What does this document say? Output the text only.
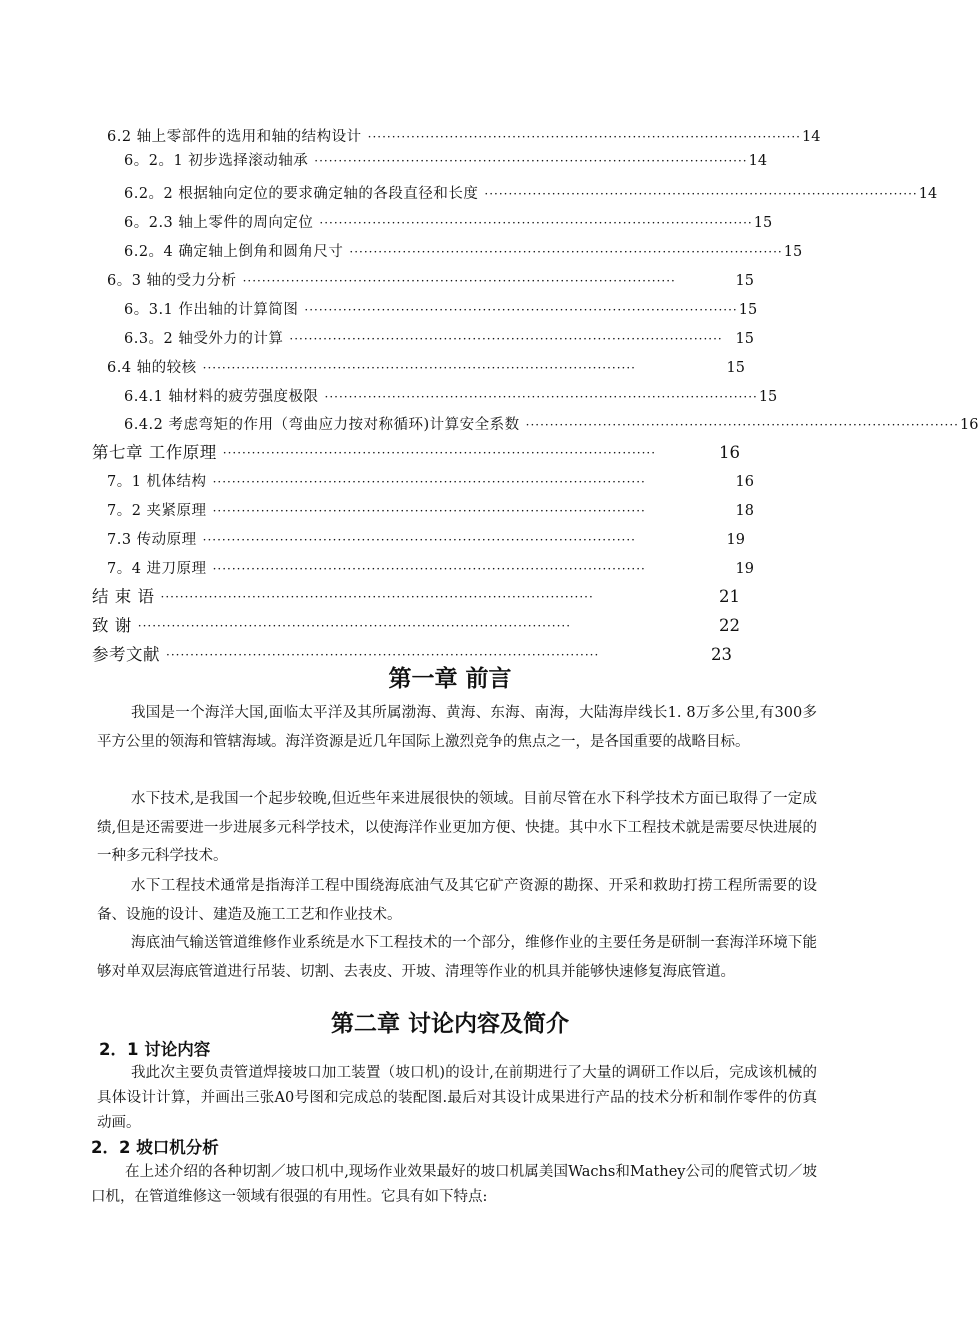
6.2 轴上零部件的选用和轴的结构设计 ·························································································· 14
6。2。1 初步选择滚动轴承 ·························································································· 14
6.2。2 根据轴向定位的要求确定轴的各段直径和长度 ·························································································· 14
6。2.3 轴上零件的周向定位 ·························································································· 15
6.2。4 确定轴上倒角和圆角尺寸 ·························································································· 15
6。3 轴的受力分析 ··························································································	15
6。3.1 作出轴的计算简图 ·························································································· 15
6.3。2 轴受外力的计算 ·························································································· 15
6.4 轴的较核 ··························································································	15
6.4.1 轴材料的疲劳强度极限 ·························································································· 15
6.4.2 考虑弯矩的作用（弯曲应力按对称循环)计算安全系数 ·························································································· 16
第七章 工作原理 ··························································································	16
7。1 机体结构 ··························································································	16
7。2 夹紧原理 ··························································································	18
7.3 传动原理 ··························································································	19
7。4 进刀原理 ··························································································	19
结 束 语 ··························································································	21
致 谢 ··························································································	22
参考文献 ··························································································	23
第一章 前言

我国是一个海洋大国,面临太平洋及其所属渤海、黄海、东海、南海，大陆海岸线长1. 8万多公里,有300多平方公里的领海和管辖海域。海洋资源是近几年国际上激烈竞争的焦点之一，是各国重要的战略目标。

水下技术,是我国一个起步较晚,但近些年来进展很快的领域。目前尽管在水下科学技术方面已取得了一定成绩,但是还需要进一步进展多元科学技术，以使海洋作业更加方便、快捷。其中水下工程技术就是需要尽快进展的一种多元科学技术。

水下工程技术通常是指海洋工程中围绕海底油气及其它矿产资源的勘探、开采和救助打捞工程所需要的设备、设施的设计、建造及施工工艺和作业技术。

海底油气输送管道维修作业系统是水下工程技术的一个部分，维修作业的主要任务是研制一套海洋环境下能够对单双层海底管道进行吊装、切割、去表皮、开坡、清理等作业的机具并能够快速修复海底管道。

第二章 讨论内容及简介
2．1 讨论内容

我此次主要负责管道焊接坡口加工装置（坡口机)的设计,在前期进行了大量的调研工作以后，完成该机械的具体设计计算，并画出三张A0号图和完成总的装配图.最后对其设计成果进行产品的技术分析和制作零件的仿真动画。

2．2 坡口机分析

在上述介绍的各种切割／坡口机中,现场作业效果最好的坡口机属美国Wachs和Mathey公司的爬管式切／坡口机，在管道维修这一领域有很强的有用性。它具有如下特点:
